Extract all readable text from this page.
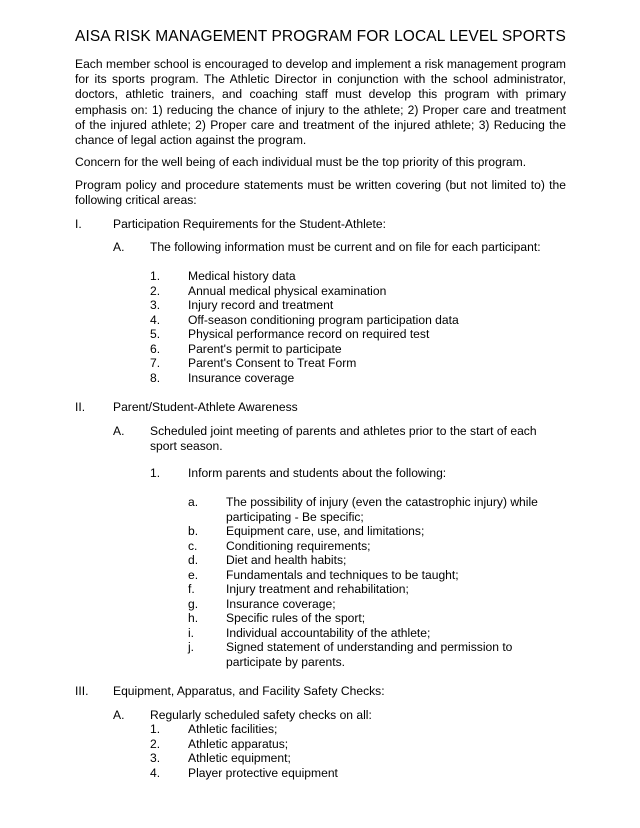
AISA RISK MANAGEMENT PROGRAM FOR LOCAL LEVEL SPORTS
Each member school is encouraged to develop and implement a risk management program for its sports program. The Athletic Director in conjunction with the school administrator, doctors, athletic trainers, and coaching staff must develop this program with primary emphasis on: 1) reducing the chance of injury to the athlete; 2) Proper care and treatment of the injured athlete; 2) Proper care and treatment of the injured athlete; 3) Reducing the chance of legal action against the program.
Concern for the well being of each individual must be the top priority of this program.
Program policy and procedure statements must be written covering (but not limited to) the following critical areas:
I.	Participation Requirements for the Student-Athlete:
A. The following information must be current and on file for each participant:
1. Medical history data
2. Annual medical physical examination
3. Injury record and treatment
4. Off-season conditioning program participation data
5. Physical performance record on required test
6. Parent's permit to participate
7. Parent's Consent to Treat Form
8. Insurance coverage
II. Parent/Student-Athlete Awareness
A. Scheduled joint meeting of parents and athletes prior to the start of each sport season.
1. Inform parents and students about the following:
a. The possibility of injury (even the catastrophic injury) while participating - Be specific;
b. Equipment care, use, and limitations;
c. Conditioning requirements;
d. Diet and health habits;
e. Fundamentals and techniques to be taught;
f.	Injury treatment and rehabilitation;
g. Insurance coverage;
h. Specific rules of the sport;
i.	Individual accountability of the athlete;
j.	Signed statement of understanding and permission to participate by parents.
III. Equipment, Apparatus, and Facility Safety Checks:
A. Regularly scheduled safety checks on all:
1. Athletic facilities;
2. Athletic apparatus;
3. Athletic equipment;
4. Player protective equipment
